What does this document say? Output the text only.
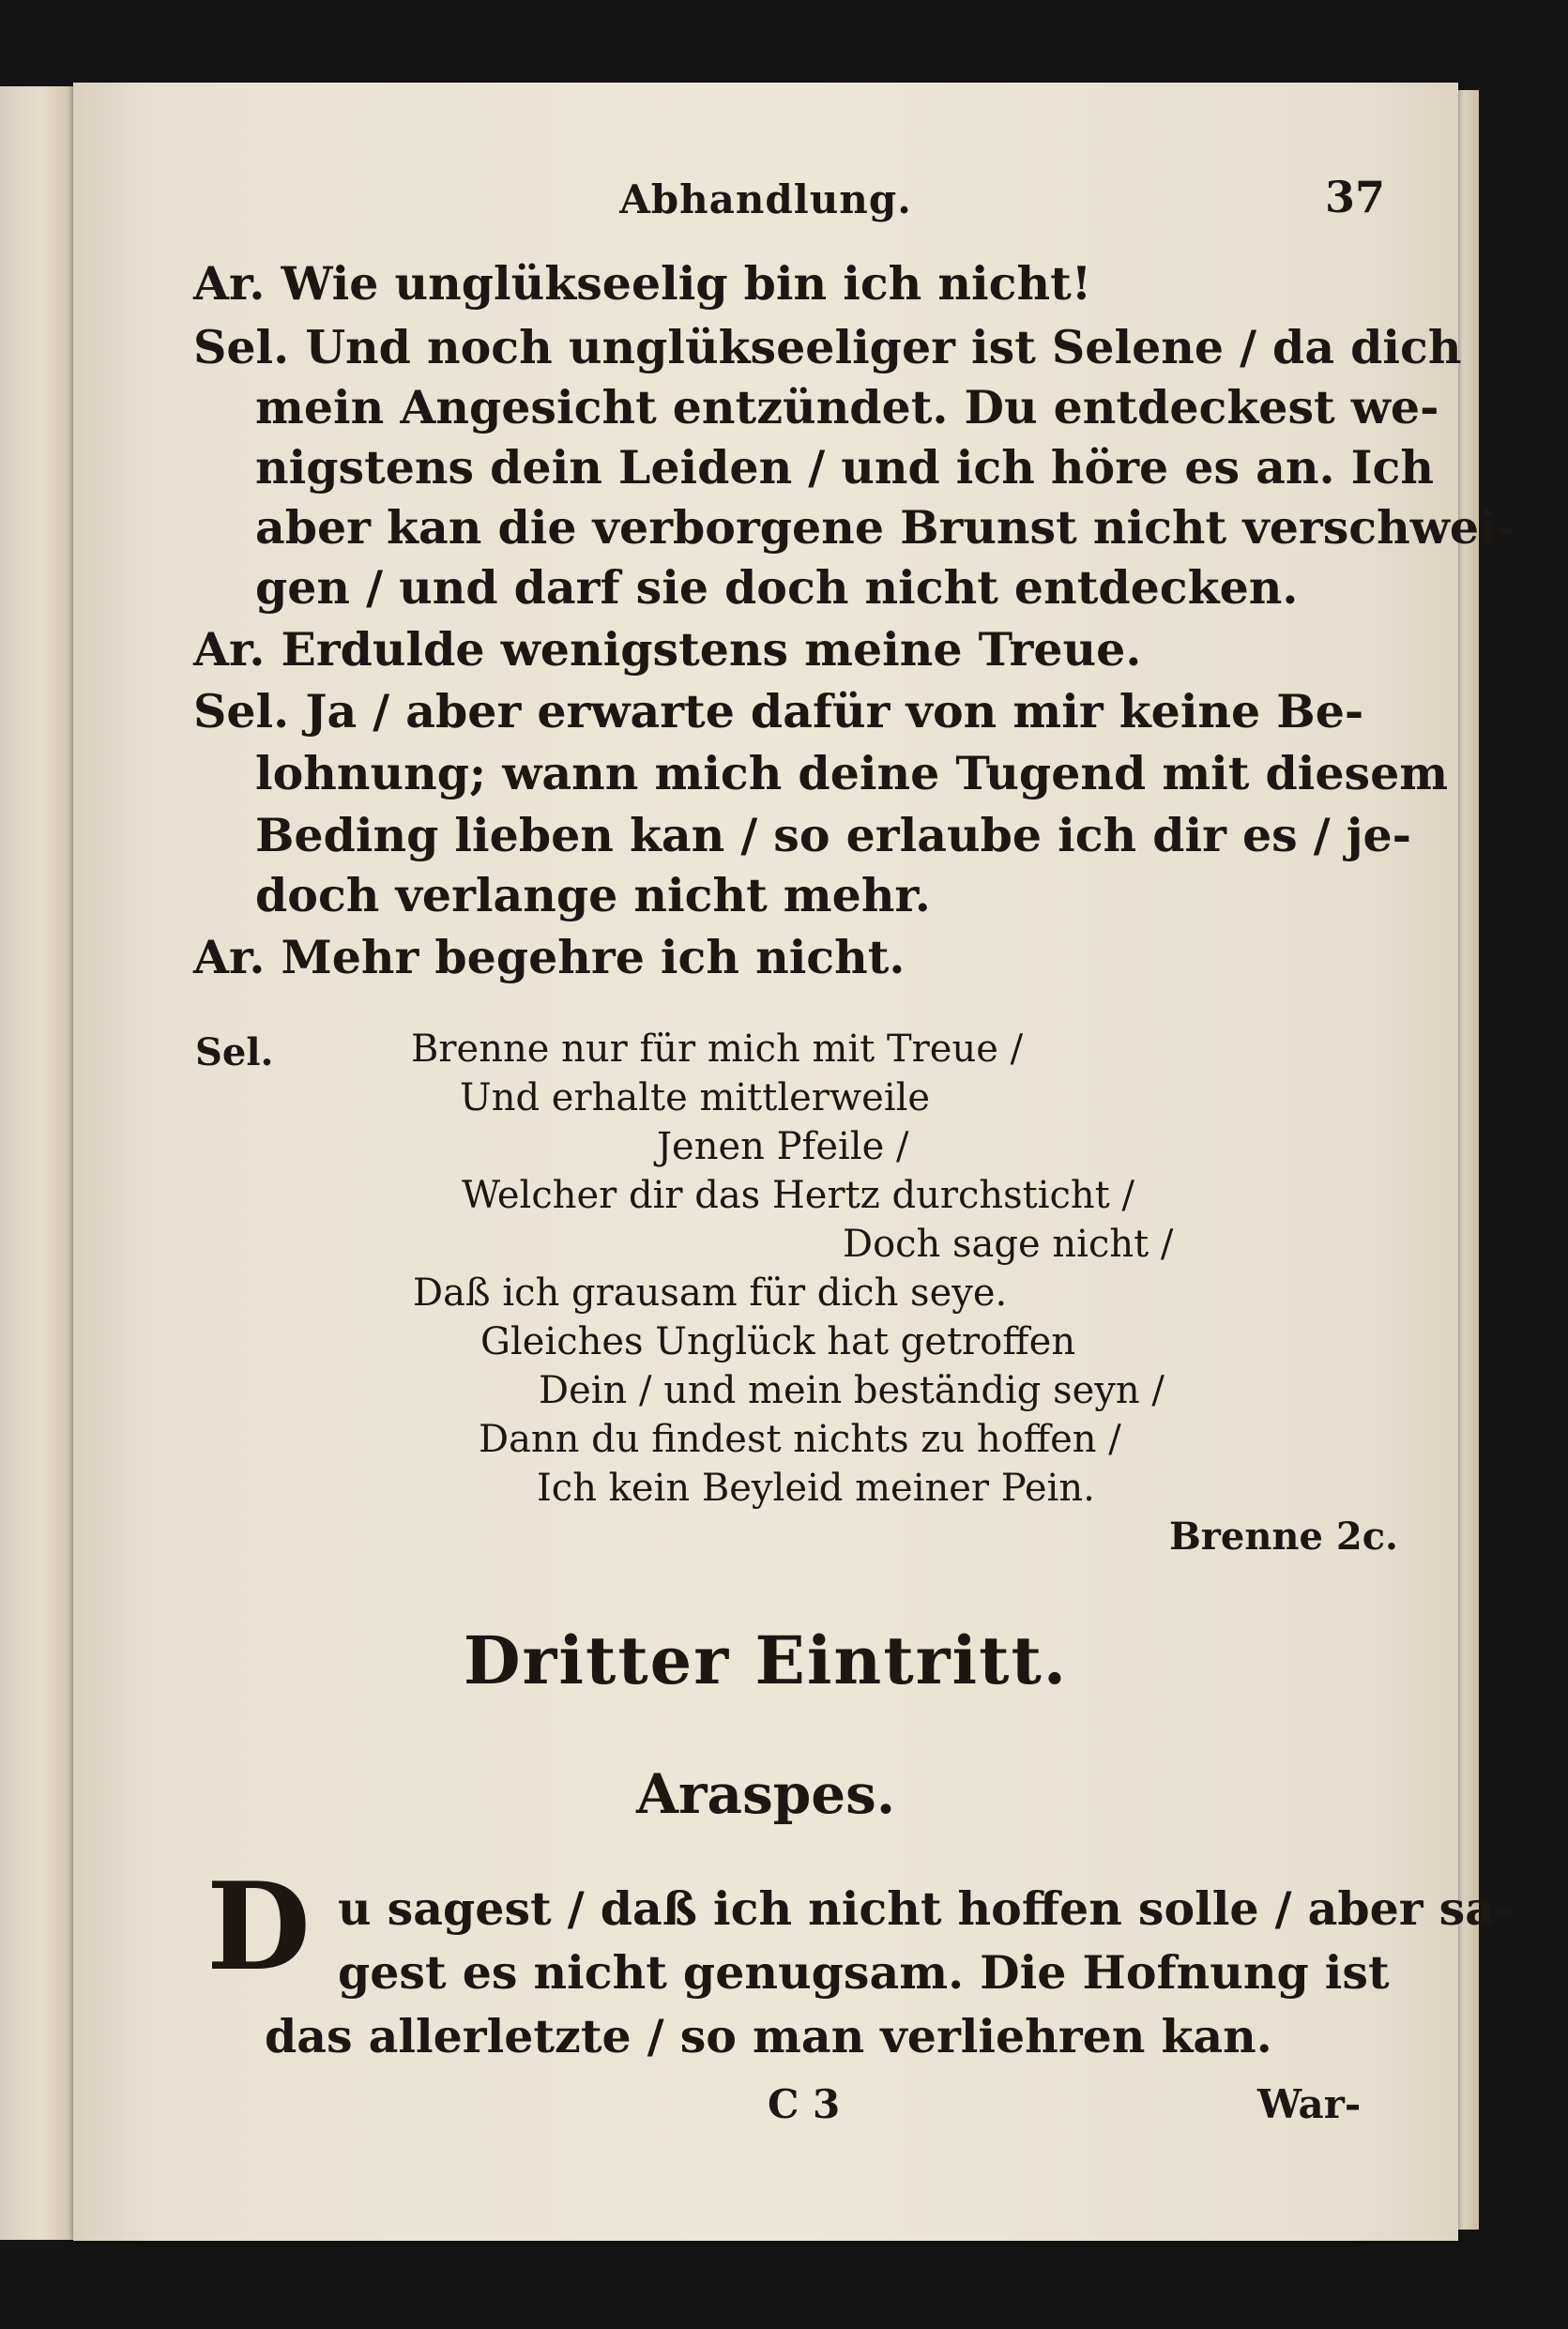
Abhandlung.	37
Ar. Wie unglükseelig bin ich nicht!
Sel. Und noch unglükseeliger ist Selene / da dich
mein Angesicht entzündet. Du entdeckest we-
nigstens dein Leiden / und ich höre es an. Ich
aber kan die verborgene Brunst nicht verschwei-
gen / und darf sie doch nicht entdecken.
Ar. Erdulde wenigstens meine Treue.
Sel. Ja / aber erwarte dafür von mir keine Be-
lohnung; wann mich deine Tugend mit diesem
Beding lieben kan / so erlaube ich dir es / je-
doch verlange nicht mehr.
Ar. Mehr begehre ich nicht.
Sel.	Brenne nur für mich mit Treue /
Und erhalte mittlerweile
Jenen Pfeile /
Welcher dir das Hertz durchsticht /
Doch sage nicht /
Daß ich grausam für dich seye.
Gleiches Unglück hat getroffen
Dein / und mein beständig seyn /
Dann du findest nichts zu hoffen /
Ich kein Beyleid meiner Pein.
Brenne 2c.
Dritter Eintritt.
Araspes.
D u sagest / daß ich nicht hoffen solle / aber sa-
gest es nicht genugsam. Die Hofnung ist
das allerletzte / so man verliehren kan.
C 3	War-
